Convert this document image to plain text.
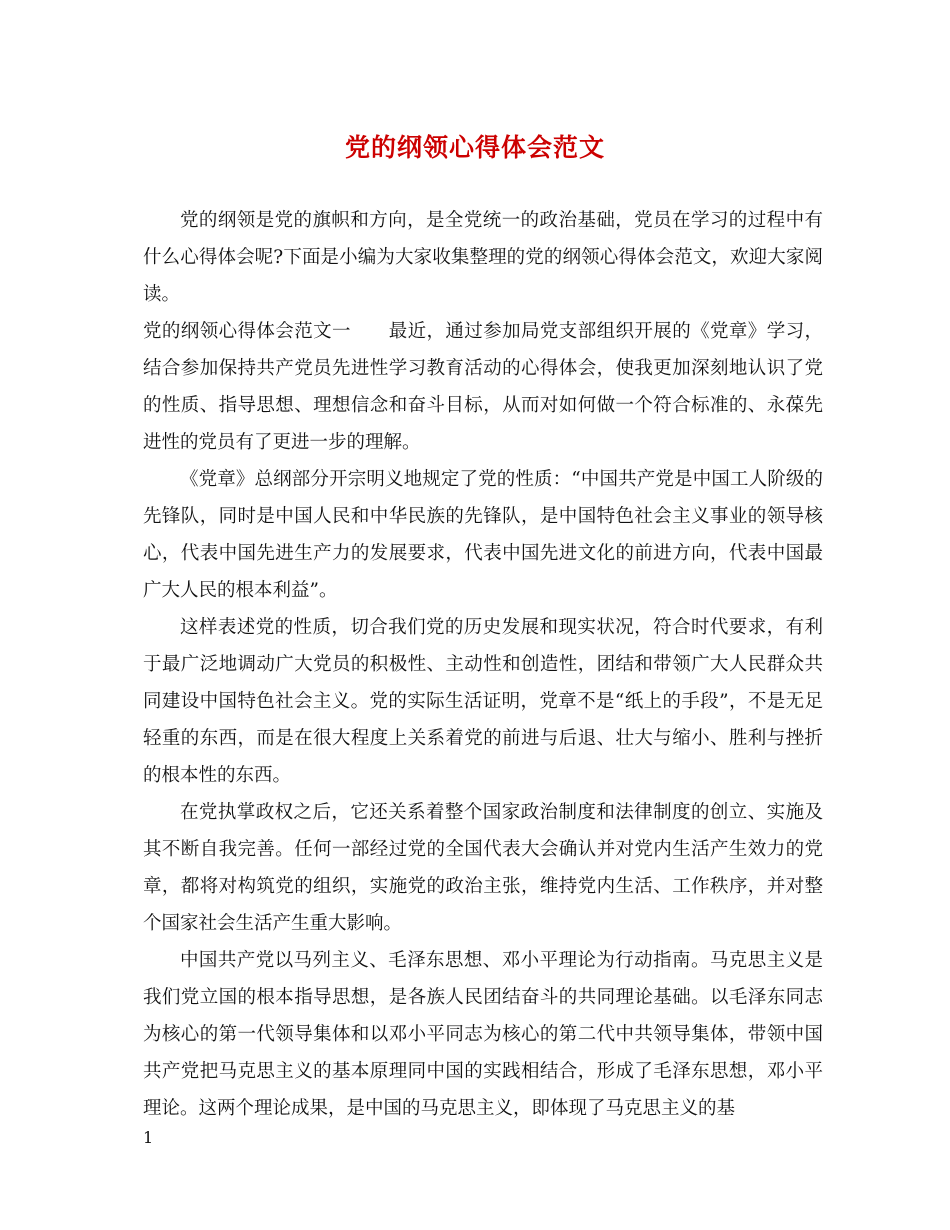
党的纲领心得体会范文

党的纲领是党的旗帜和方向，是全党统一的政治基础，党员在学习的过程中有什么心得体会呢?下面是小编为大家收集整理的党的纲领心得体会范文，欢迎大家阅读。

党的纲领心得体会范文一　　最近，通过参加局党支部组织开展的《党章》学习，结合参加保持共产党员先进性学习教育活动的心得体会，使我更加深刻地认识了党的性质、指导思想、理想信念和奋斗目标，从而对如何做一个符合标准的、永葆先进性的党员有了更进一步的理解。

《党章》总纲部分开宗明义地规定了党的性质：“中国共产党是中国工人阶级的先锋队，同时是中国人民和中华民族的先锋队，是中国特色社会主义事业的领导核心，代表中国先进生产力的发展要求，代表中国先进文化的前进方向，代表中国最广大人民的根本利益”。

这样表述党的性质，切合我们党的历史发展和现实状况，符合时代要求，有利于最广泛地调动广大党员的积极性、主动性和创造性，团结和带领广大人民群众共同建设中国特色社会主义。党的实际生活证明，党章不是“纸上的手段”，不是无足轻重的东西，而是在很大程度上关系着党的前进与后退、壮大与缩小、胜利与挫折的根本性的东西。

在党执掌政权之后，它还关系着整个国家政治制度和法律制度的创立、实施及其不断自我完善。任何一部经过党的全国代表大会确认并对党内生活产生效力的党章，都将对构筑党的组织，实施党的政治主张，维持党内生活、工作秩序，并对整个国家社会生活产生重大影响。

中国共产党以马列主义、毛泽东思想、邓小平理论为行动指南。马克思主义是我们党立国的根本指导思想，是各族人民团结奋斗的共同理论基础。以毛泽东同志为核心的第一代领导集体和以邓小平同志为核心的第二代中共领导集体，带领中国共产党把马克思主义的基本原理同中国的实践相结合，形成了毛泽东思想，邓小平理论。这两个理论成果，是中国的马克思主义，即体现了马克思主义的基

1
